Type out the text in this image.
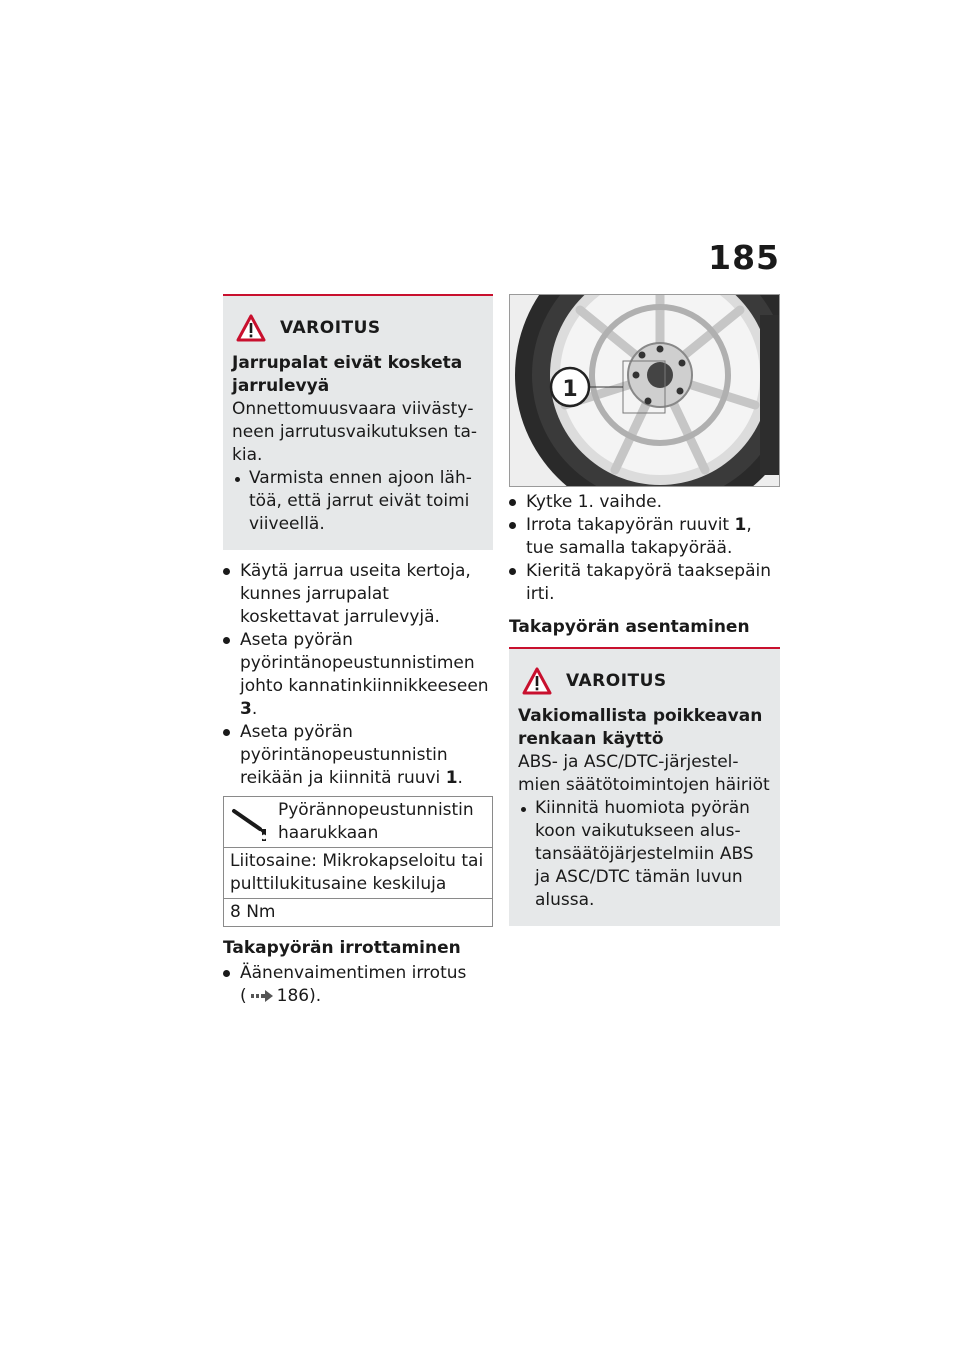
185
VAROITUS
Jarrupalat eivät kosketa jarrulevyä
Onnettomuusvaara viivästyneen jarrutusvaikutuksen takia.
Varmista ennen ajoon lähtöä, että jarrut eivät toimi viiveellä.
Käytä jarrua useita kertoja, kunnes jarrupalat koskettavat jarrulevyjä.
Aseta pyörän pyörintänopeustunnistimen johto kannatinkiinnikkeeseen 3.
Aseta pyörän pyörintänopeustunnistin reikään ja kiinnitä ruuvi 1.
Pyörännopeustunnistin haarukkaan

Liitosaine: Mikrokapseloitu tai pulttilukitusaine keskiluja
8 Nm
Takapyörän irrottaminen
Äänenvaimentimen irrotus
( 186).
1
Kytke 1. vaihde.
Irrota takapyörän ruuvit 1, tue samalla takapyörää.
Kieritä takapyörä taaksepäin irti.
Takapyörän asentaminen
VAROITUS
Vakiomallista poikkeavan renkaan käyttö
ABS- ja ASC/DTC-järjestelmien säätötoimintojen häiriöt
Kiinnitä huomiota pyörän koon vaikutukseen alustansäätöjärjestelmiin ABS ja ASC/DTC tämän luvun alussa.
